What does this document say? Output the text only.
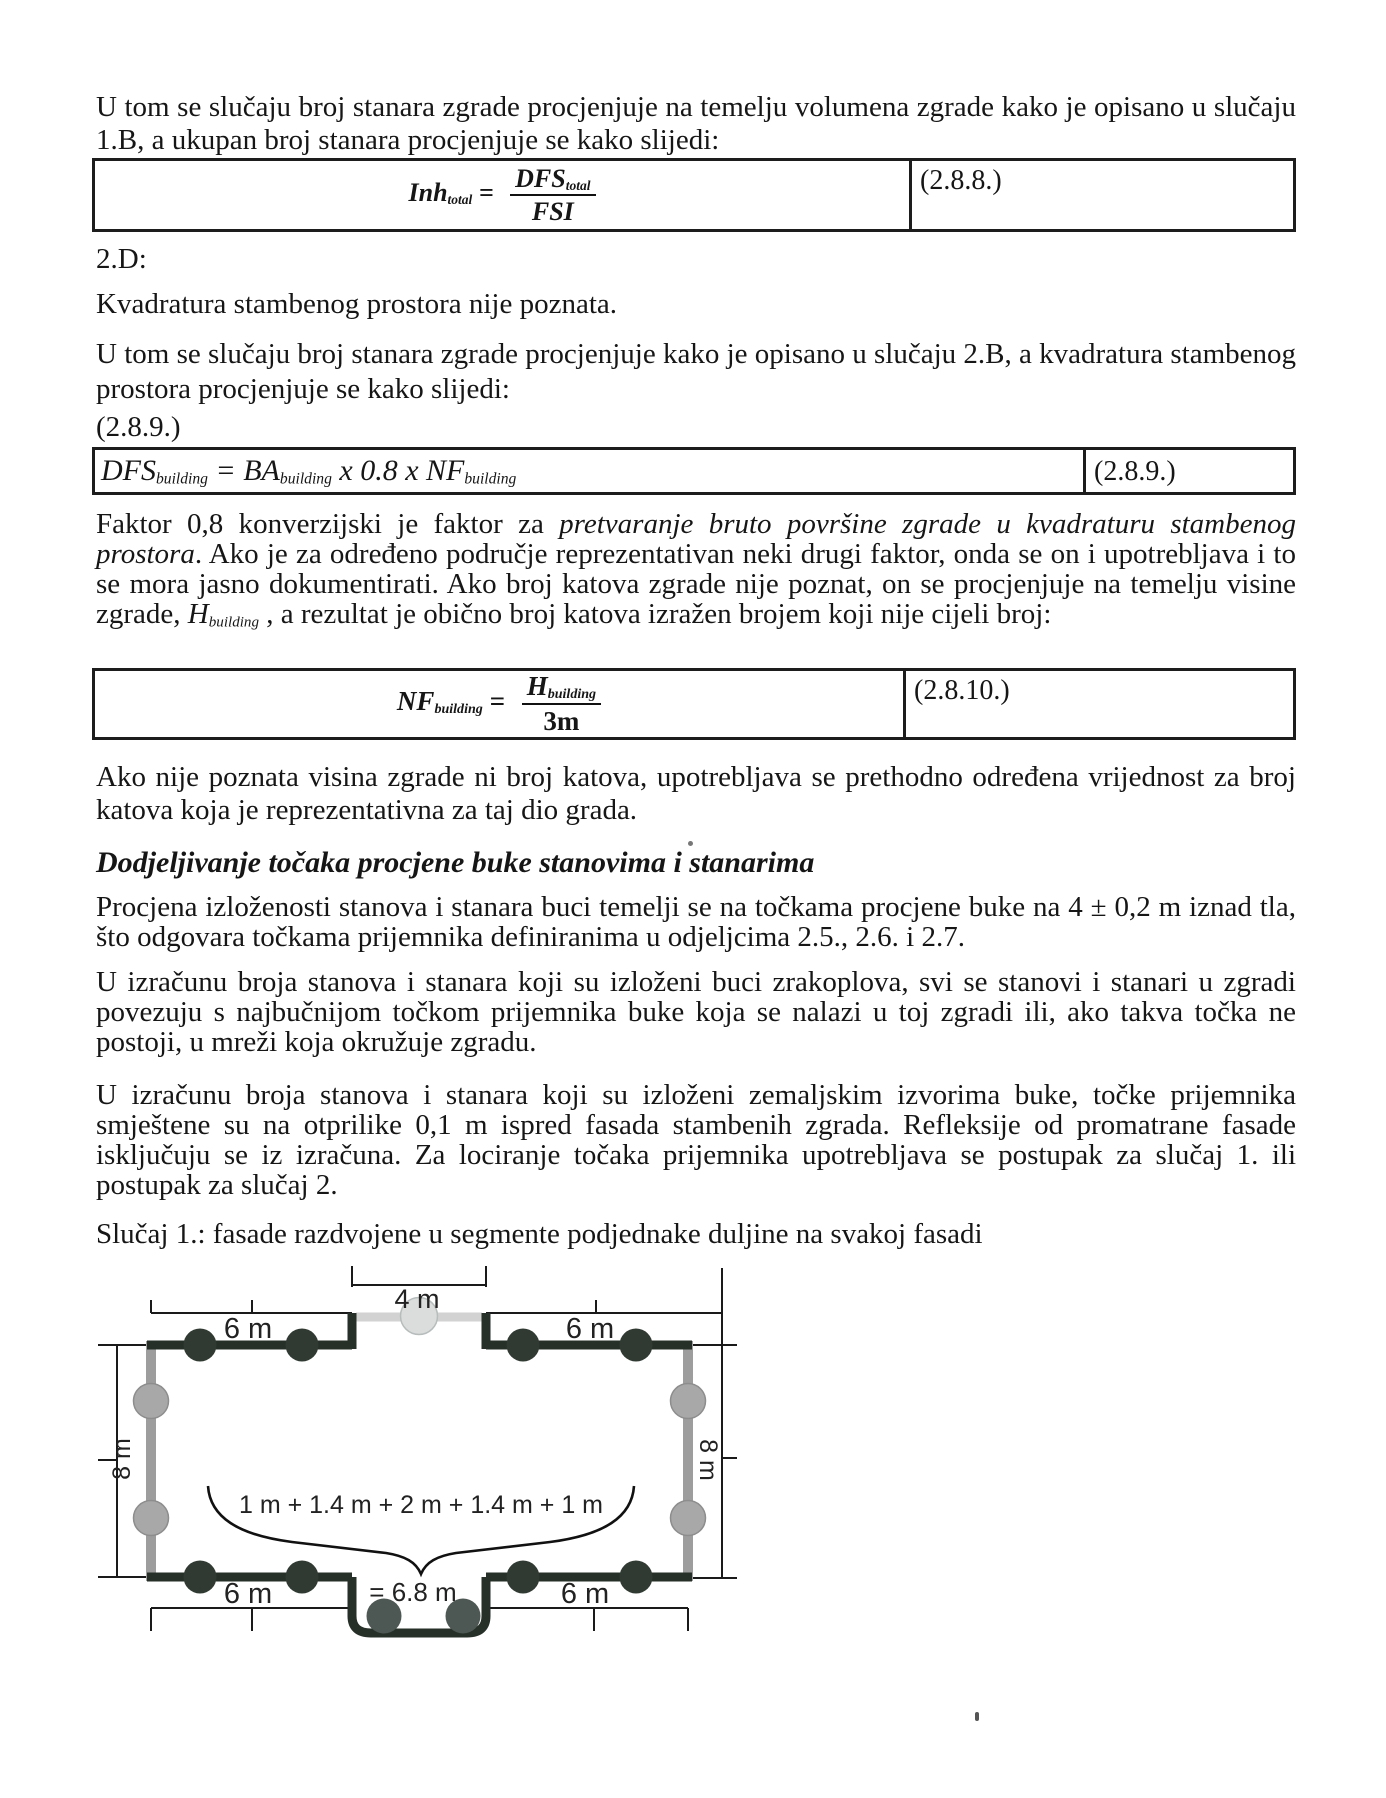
U tom se slučaju broj stanara zgrade procjenjuje na temelju volumena zgrade kako je opisano u slučaju 1.B, a ukupan broj stanara procjenjuje se kako slijedi:
Inhtotal = $\frac{\text{DFStotal}}{\text{FSI}}$	(2.8.8.)
2.D:
Kvadratura stambenog prostora nije poznata.
U tom se slučaju broj stanara zgrade procjenjuje kako je opisano u slučaju 2.B, a kvadratura stambenog prostora procjenjuje se kako slijedi:
(2.8.9.)
DFSbuilding = BAbuilding x 0.8 x NFbuilding	(2.8.9.)
Faktor 0,8 konverzijski je faktor za pretvaranje bruto površine zgrade u kvadraturu stambenog prostora. Ako je za određeno područje reprezentativan neki drugi faktor, onda se on i upotrebljava i to se mora jasno dokumentirati. Ako broj katova zgrade nije poznat, on se procjenjuje na temelju visine zgrade, Hbuilding , a rezultat je obično broj katova izražen brojem koji nije cijeli broj:
NFbuilding = $\frac{\text{Hbuilding}}{3m}$	(2.8.10.)
Ako nije poznata visina zgrade ni broj katova, upotrebljava se prethodno određena vrijednost za broj katova koja je reprezentativna za taj dio grada.
Dodjeljivanje točaka procjene buke stanovima i stanarima
Procjena izloženosti stanova i stanara buci temelji se na točkama procjene buke na 4 ± 0,2 m iznad tla, što odgovara točkama prijemnika definiranima u odjeljcima 2.5., 2.6. i 2.7.
U izračunu broja stanova i stanara koji su izloženi buci zrakoplova, svi se stanovi i stanari u zgradi povezuju s najbučnijom točkom prijemnika buke koja se nalazi u toj zgradi ili, ako takva točka ne postoji, u mreži koja okružuje zgradu.
U izračunu broja stanova i stanara koji su izloženi zemaljskim izvorima buke, točke prijemnika smještene su na otprilike 0,1 m ispred fasada stambenih zgrada. Refleksije od promatrane fasade isključuju se iz izračuna. Za lociranje točaka prijemnika upotrebljava se postupak za slučaj 1. ili postupak za slučaj 2.
Slučaj 1.: fasade razdvojene u segmente podjednake duljine na svakoj fasadi
4 m
6 m	6 m
8 m	8 m
1 m + 1.4 m + 2 m + 1.4 m + 1 m
= 6.8 m
6 m	6 m
